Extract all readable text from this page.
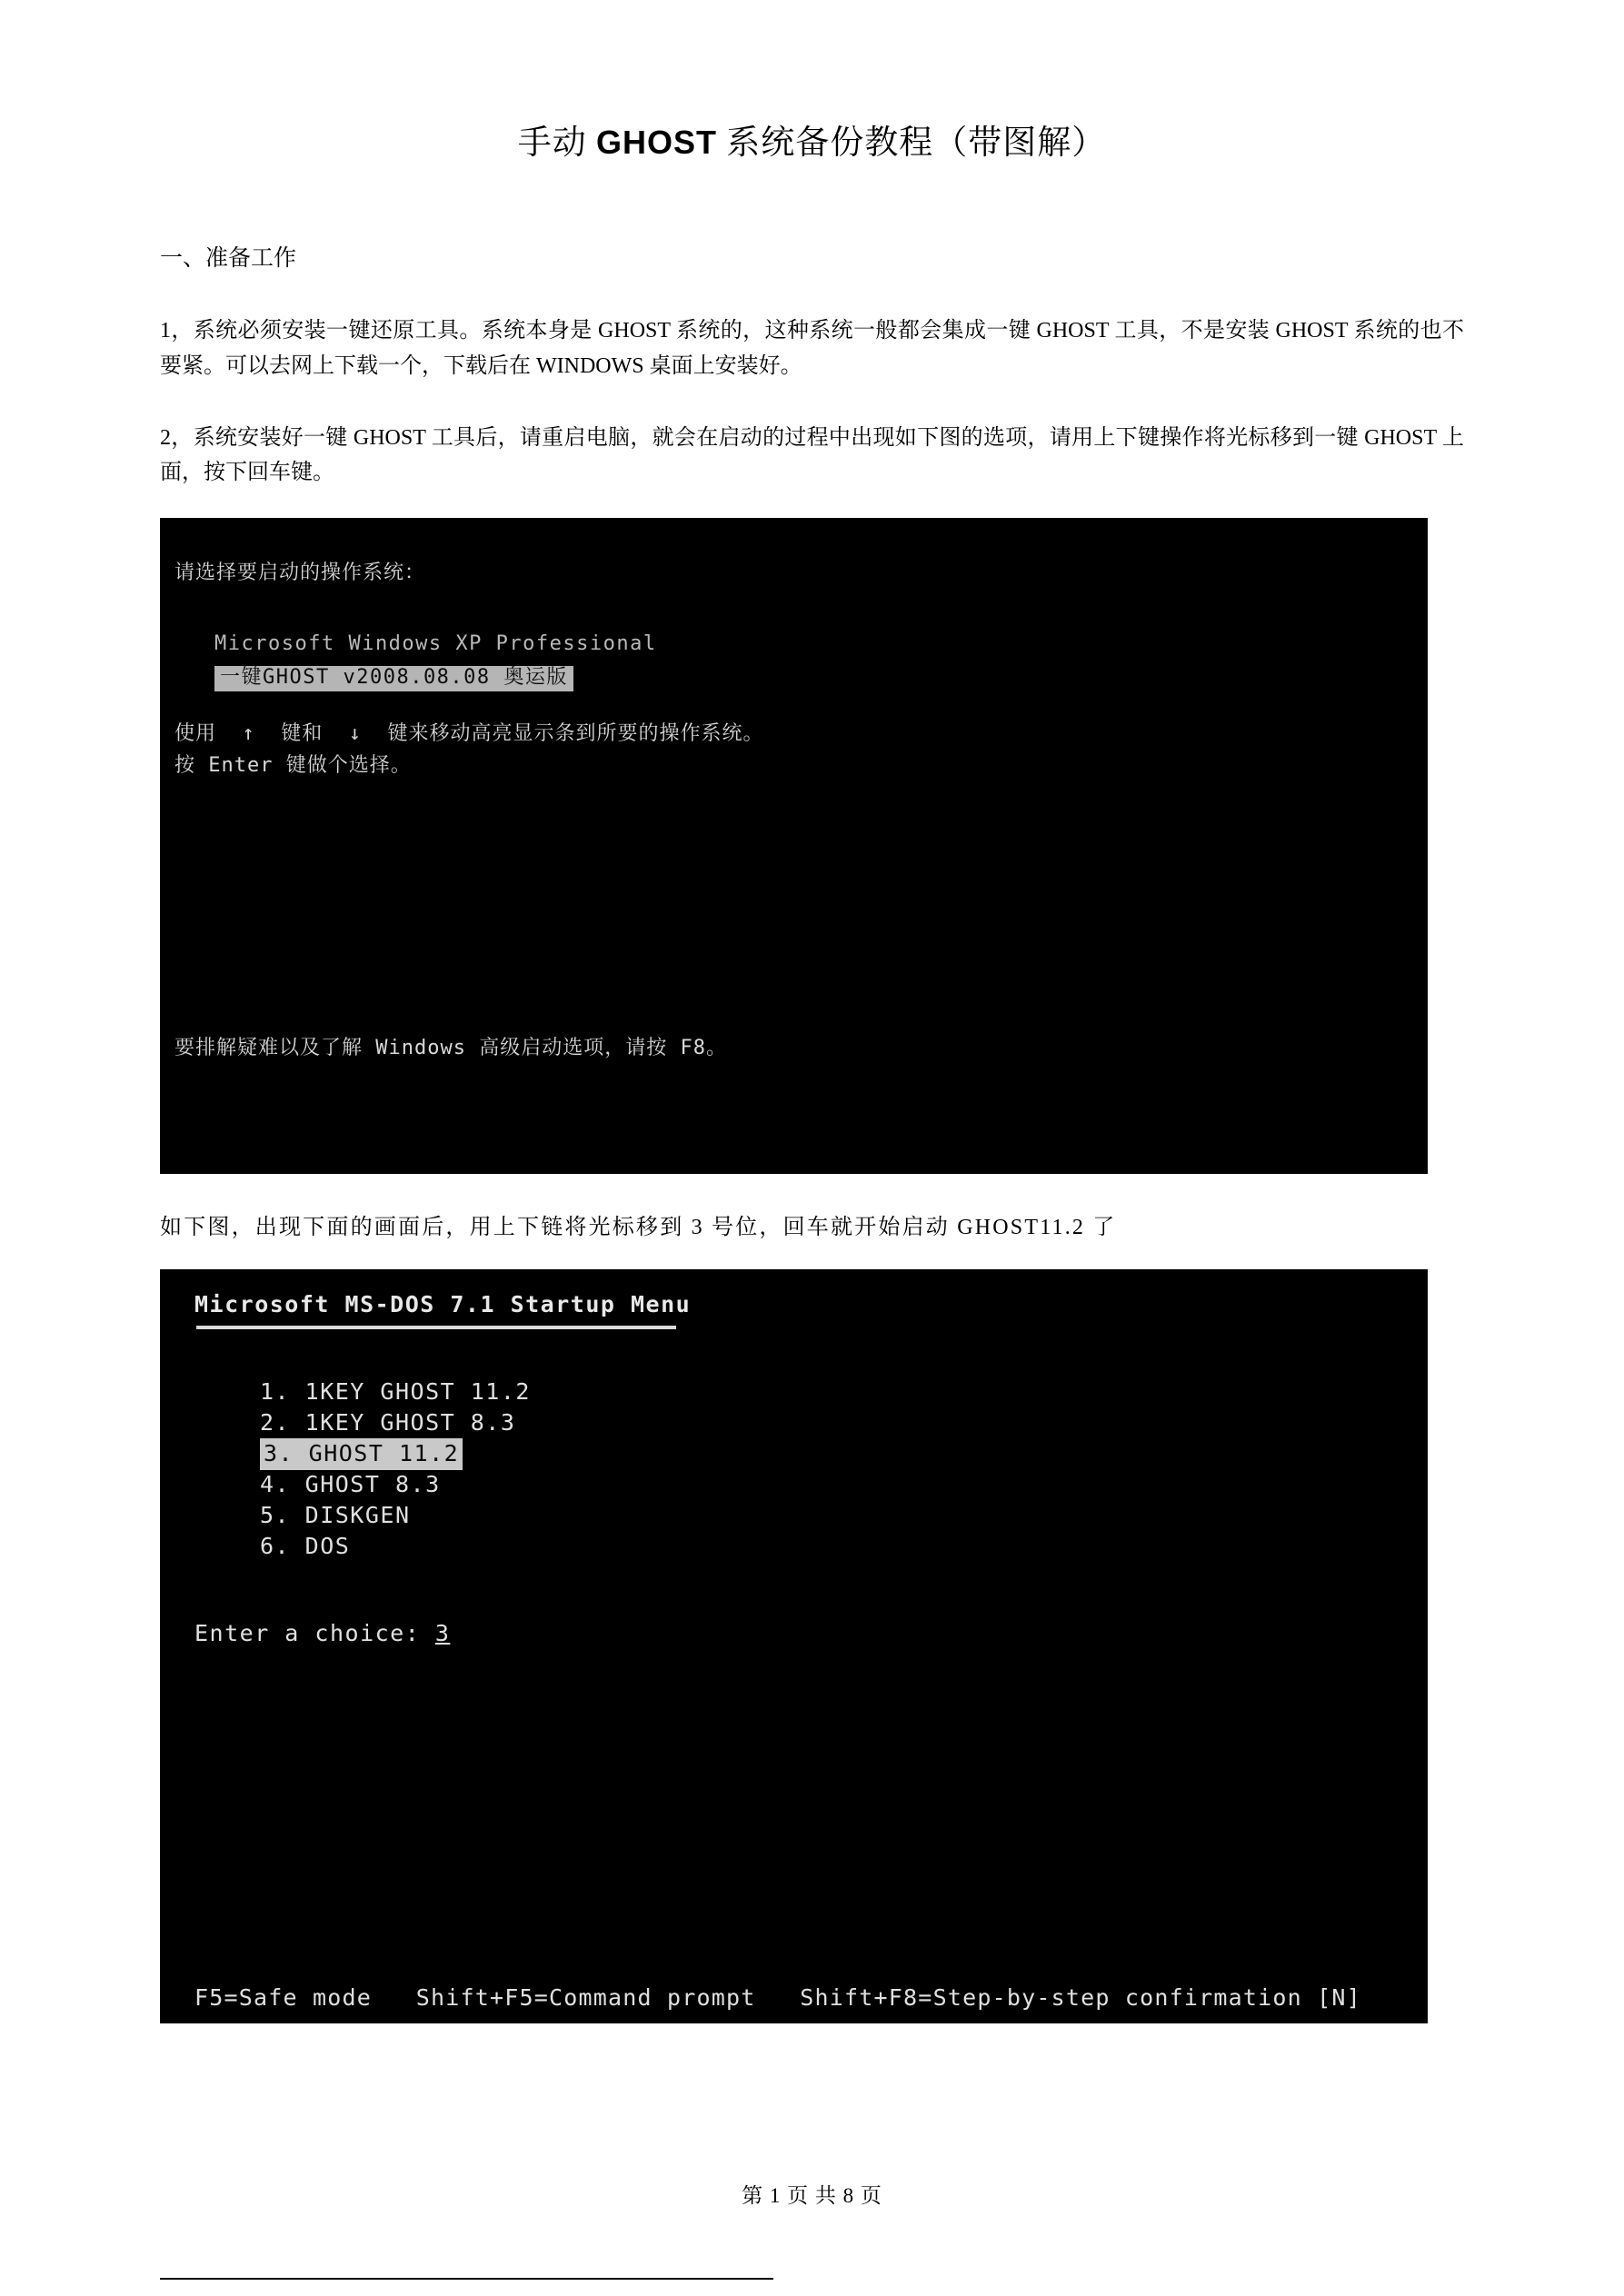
手动 GHOST 系统备份教程（带图解）
一、准备工作

1，系统必须安装一键还原工具。系统本身是 GHOST 系统的，这种系统一般都会集成一键 GHOST 工具，不是安装 GHOST 系统的也不要紧。可以去网上下载一个，下载后在 WINDOWS 桌面上安装好。

2，系统安装好一键 GHOST 工具后，请重启电脑，就会在启动的过程中出现如下图的选项，请用上下键操作将光标移到一键 GHOST 上面，按下回车键。

请选择要启动的操作系统：
Microsoft Windows XP Professional
一键GHOST v2008.08.08 奥运版
使用  ↑  键和  ↓  键来移动高亮显示条到所要的操作系统。
按 Enter 键做个选择。
要排解疑难以及了解 Windows 高级启动选项，请按 F8。

如下图，出现下面的画面后，用上下链将光标移到 3 号位，回车就开始启动 GHOST11.2 了

Microsoft MS-DOS 7.1 Startup Menu
1. 1KEY GHOST 11.2
2. 1KEY GHOST 8.3
3. GHOST 11.2
4. GHOST 8.3
5. DISKGEN
6. DOS
Enter a choice: 3
F5=Safe mode   Shift+F5=Command prompt   Shift+F8=Step-by-step confirmation [N]
第 1 页 共 8 页
